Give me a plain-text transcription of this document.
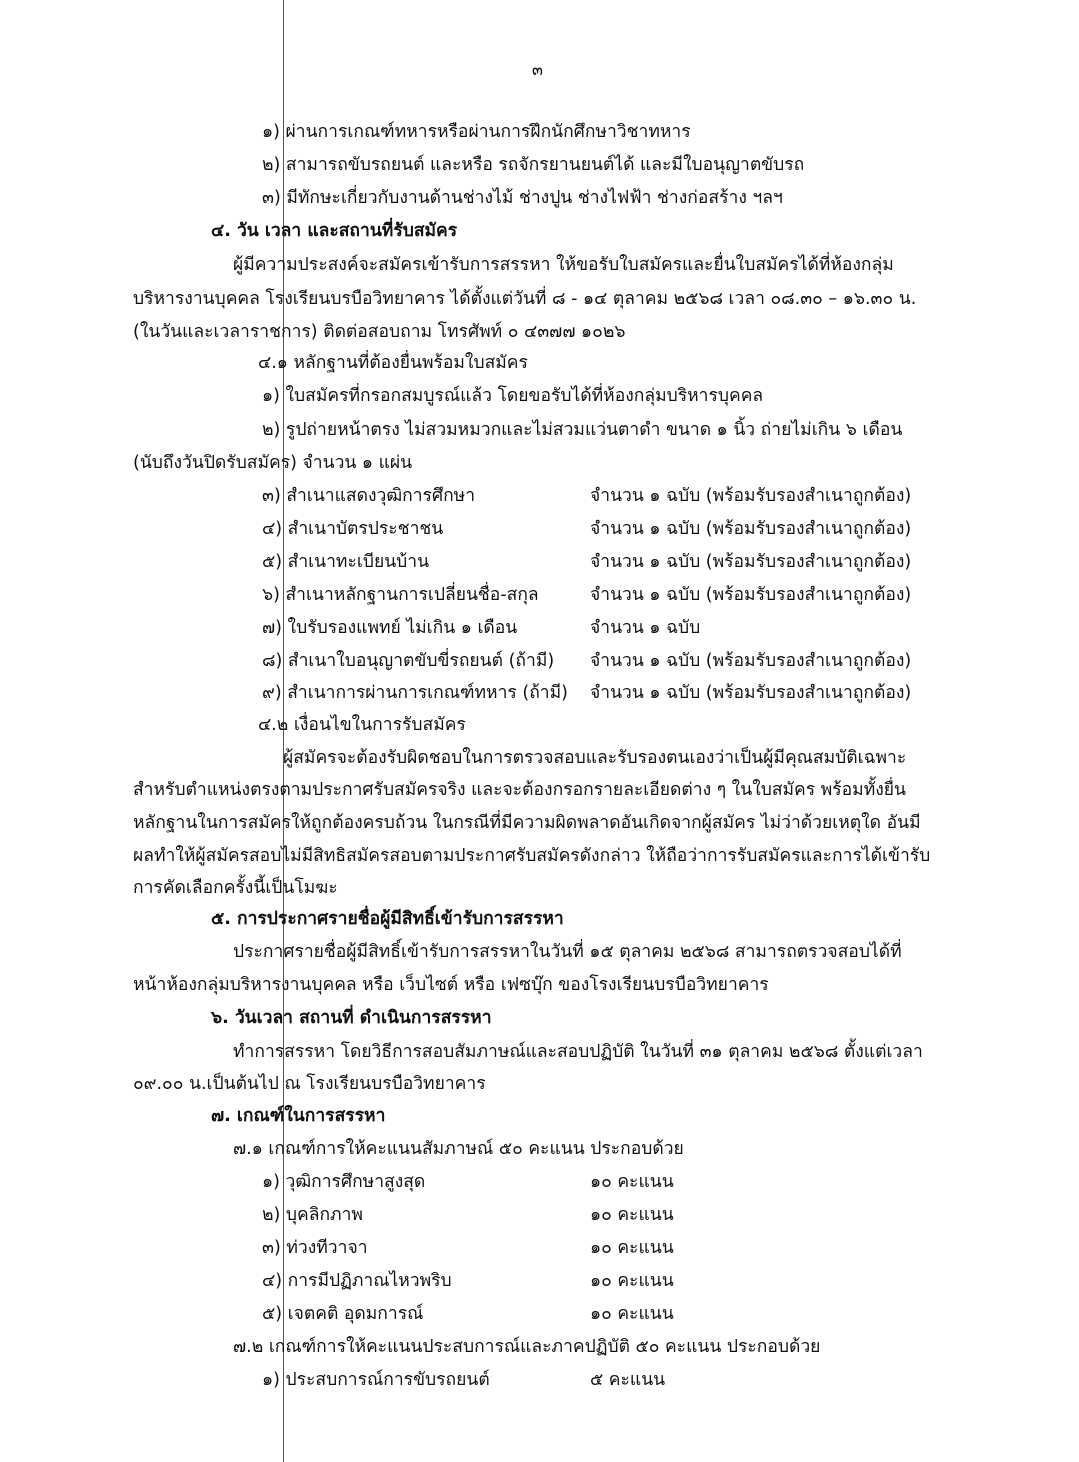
๓
๑) ผ่านการเกณฑ์ทหารหรือผ่านการฝึกนักศึกษาวิชาทหาร
๒) สามารถขับรถยนต์ และหรือ รถจักรยานยนต์ได้ และมีใบอนุญาตขับรถ
๓) มีทักษะเกี่ยวกับงานด้านช่างไม้ ช่างปูน ช่างไฟฟ้า ช่างก่อสร้าง ฯลฯ
๔. วัน เวลา และสถานที่รับสมัคร
ผู้มีความประสงค์จะสมัครเข้ารับการสรรหา ให้ขอรับใบสมัครและยื่นใบสมัครได้ที่ห้องกลุ่ม
บริหารงานบุคคล โรงเรียนบรบือวิทยาคาร ได้ตั้งแต่วันที่ ๘ - ๑๔ ตุลาคม ๒๕๖๘ เวลา ๐๘.๓๐ – ๑๖.๓๐ น.
(ในวันและเวลาราชการ) ติดต่อสอบถาม โทรศัพท์ ๐ ๔๓๗๗ ๑๐๒๖
๔.๑ หลักฐานที่ต้องยื่นพร้อมใบสมัคร
๑) ใบสมัครที่กรอกสมบูรณ์แล้ว โดยขอรับได้ที่ห้องกลุ่มบริหารบุคคล
๒) รูปถ่ายหน้าตรง ไม่สวมหมวกและไม่สวมแว่นตาดำ ขนาด ๑ นิ้ว ถ่ายไม่เกิน ๖ เดือน
(นับถึงวันปิดรับสมัคร) จำนวน ๑ แผ่น
๓) สำเนาแสดงวุฒิการศึกษา	จำนวน ๑ ฉบับ (พร้อมรับรองสำเนาถูกต้อง)
๔) สำเนาบัตรประชาชน	จำนวน ๑ ฉบับ (พร้อมรับรองสำเนาถูกต้อง)
๕) สำเนาทะเบียนบ้าน	จำนวน ๑ ฉบับ (พร้อมรับรองสำเนาถูกต้อง)
๖) สำเนาหลักฐานการเปลี่ยนชื่อ-สกุล	จำนวน ๑ ฉบับ (พร้อมรับรองสำเนาถูกต้อง)
๗) ใบรับรองแพทย์ ไม่เกิน ๑ เดือน	จำนวน ๑ ฉบับ
๘) สำเนาใบอนุญาตขับขี่รถยนต์ (ถ้ามี) จำนวน ๑ ฉบับ (พร้อมรับรองสำเนาถูกต้อง)
๙) สำเนาการผ่านการเกณฑ์ทหาร (ถ้ามี) จำนวน ๑ ฉบับ (พร้อมรับรองสำเนาถูกต้อง)
๔.๒ เงื่อนไขในการรับสมัคร
ผู้สมัครจะต้องรับผิดชอบในการตรวจสอบและรับรองตนเองว่าเป็นผู้มีคุณสมบัติเฉพาะ
สำหรับตำแหน่งตรงตามประกาศรับสมัครจริง และจะต้องกรอกรายละเอียดต่าง ๆ ในใบสมัคร พร้อมทั้งยื่น
หลักฐานในการสมัครให้ถูกต้องครบถ้วน ในกรณีที่มีความผิดพลาดอันเกิดจากผู้สมัคร ไม่ว่าด้วยเหตุใด อันมี
ผลทำให้ผู้สมัครสอบไม่มีสิทธิสมัครสอบตามประกาศรับสมัครดังกล่าว ให้ถือว่าการรับสมัครและการได้เข้ารับ
การคัดเลือกครั้งนี้เป็นโมฆะ
๕. การประกาศรายชื่อผู้มีสิทธิ์เข้ารับการสรรหา
ประกาศรายชื่อผู้มีสิทธิ์เข้ารับการสรรหาในวันที่ ๑๕ ตุลาคม ๒๕๖๘ สามารถตรวจสอบได้ที่
หน้าห้องกลุ่มบริหารงานบุคคล หรือ เว็บไซต์ หรือ เฟซบุ๊ก ของโรงเรียนบรบือวิทยาคาร
๖. วันเวลา สถานที่ ดำเนินการสรรหา
ทำการสรรหา โดยวิธีการสอบสัมภาษณ์และสอบปฏิบัติ ในวันที่ ๓๑ ตุลาคม ๒๕๖๘ ตั้งแต่เวลา
๐๙.๐๐ น.เป็นต้นไป ณ โรงเรียนบรบือวิทยาคาร
๗. เกณฑ์ในการสรรหา
๗.๑ เกณฑ์การให้คะแนนสัมภาษณ์ ๕๐ คะแนน ประกอบด้วย
๑) วุฒิการศึกษาสูงสุด	๑๐ คะแนน
๒) บุคลิกภาพ	๑๐ คะแนน
๓) ท่วงทีวาจา	๑๐ คะแนน
๔) การมีปฏิภาณไหวพริบ	๑๐ คะแนน
๕) เจตคติ อุดมการณ์	๑๐ คะแนน
๗.๒ เกณฑ์การให้คะแนนประสบการณ์และภาคปฏิบัติ ๕๐ คะแนน ประกอบด้วย
๑) ประสบการณ์การขับรถยนต์	๕ คะแนน
